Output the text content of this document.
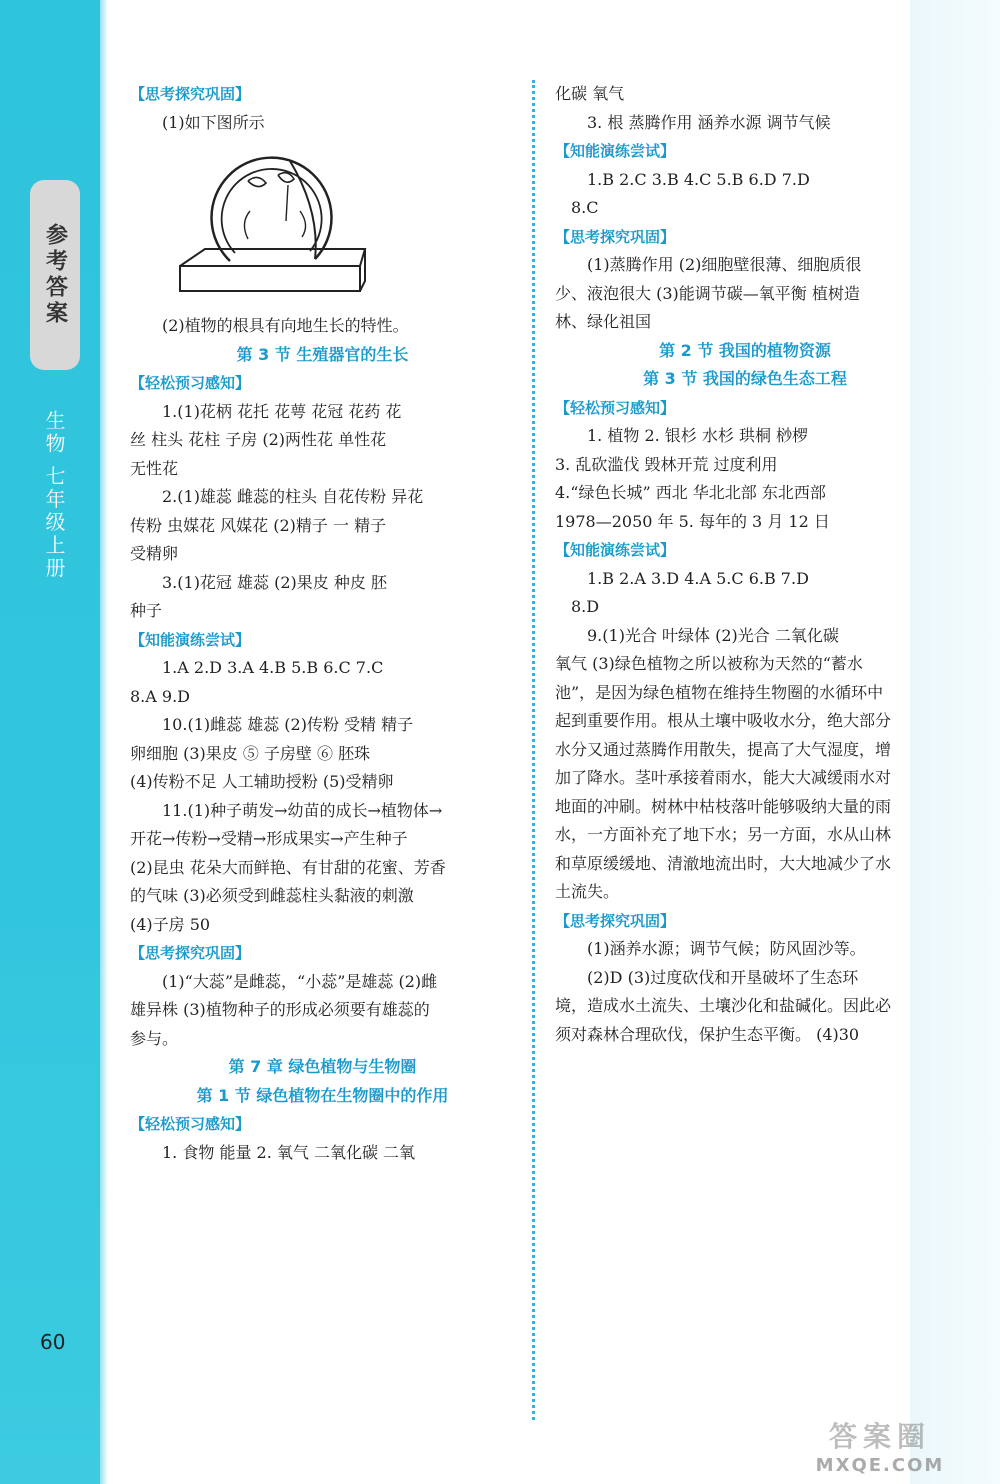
参考答案
生物 七年级上册
【思考探究巩固】
(1)如下图所示
(2)植物的根具有向地生长的特性。
第 3 节 生殖器官的生长
【轻松预习感知】
1.(1)花柄 花托 花萼 花冠 花药 花
丝 柱头 花柱 子房 (2)两性花 单性花
无性花
2.(1)雄蕊 雌蕊的柱头 自花传粉 异花
传粉 虫媒花 风媒花 (2)精子 一 精子
受精卵
3.(1)花冠 雄蕊 (2)果皮 种皮 胚
种子
【知能演练尝试】
1.A 2.D 3.A 4.B 5.B 6.C 7.C
8.A 9.D
10.(1)雌蕊 雄蕊 (2)传粉 受精 精子
卵细胞 (3)果皮 ⑤ 子房壁 ⑥ 胚珠
(4)传粉不足 人工辅助授粉 (5)受精卵
11.(1)种子萌发→幼苗的成长→植物体→
开花→传粉→受精→形成果实→产生种子
(2)昆虫 花朵大而鲜艳、有甘甜的花蜜、芳香
的气味 (3)必须受到雌蕊柱头黏液的刺激
(4)子房 50
【思考探究巩固】
(1)“大蕊”是雌蕊，“小蕊”是雄蕊 (2)雌
雄异株 (3)植物种子的形成必须要有雄蕊的
参与。
第 7 章 绿色植物与生物圈
第 1 节 绿色植物在生物圈中的作用
【轻松预习感知】
1. 食物 能量 2. 氧气 二氧化碳 二氧
化碳 氧气
3. 根 蒸腾作用 涵养水源 调节气候
【知能演练尝试】
1.B 2.C 3.B 4.C 5.B 6.D 7.D
8.C
【思考探究巩固】
(1)蒸腾作用 (2)细胞壁很薄、细胞质很
少、液泡很大 (3)能调节碳—氧平衡 植树造
林、绿化祖国
第 2 节 我国的植物资源
第 3 节 我国的绿色生态工程
【轻松预习感知】
1. 植物 2. 银杉 水杉 珙桐 桫椤
3. 乱砍滥伐 毁林开荒 过度利用
4.“绿色长城” 西北 华北北部 东北西部
1978—2050 年 5. 每年的 3 月 12 日
【知能演练尝试】
1.B 2.A 3.D 4.A 5.C 6.B 7.D
8.D
9.(1)光合 叶绿体 (2)光合 二氧化碳
氧气 (3)绿色植物之所以被称为天然的“蓄水
池”，是因为绿色植物在维持生物圈的水循环中
起到重要作用。根从土壤中吸收水分，绝大部分
水分又通过蒸腾作用散失，提高了大气湿度，增
加了降水。茎叶承接着雨水，能大大减缓雨水对
地面的冲刷。树林中枯枝落叶能够吸纳大量的雨
水，一方面补充了地下水；另一方面，水从山林
和草原缓缓地、清澈地流出时，大大地减少了水
土流失。
【思考探究巩固】
(1)涵养水源；调节气候；防风固沙等。
(2)D (3)过度砍伐和开垦破坏了生态环
境，造成水土流失、土壤沙化和盐碱化。因此必
须对森林合理砍伐，保护生态平衡。 (4)30
60
答案圈
MXQE.COM
